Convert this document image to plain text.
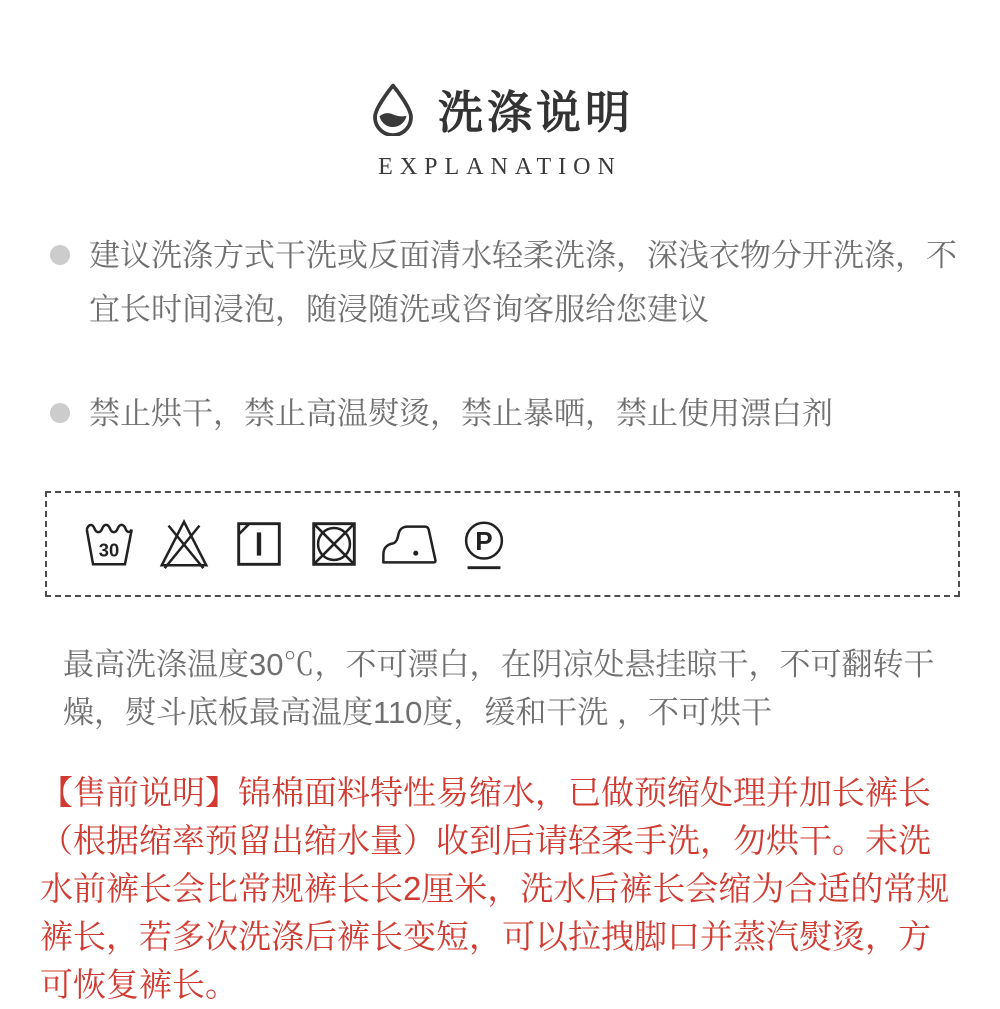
洗涤说明
EXPLANATION
建议洗涤方式干洗或反面清水轻柔洗涤，深浅衣物分开洗涤，不宜长时间浸泡，随浸随洗或咨询客服给您建议
禁止烘干，禁止高温熨烫，禁止暴晒，禁止使用漂白剂
30	P
最高洗涤温度30℃，不可漂白，在阴凉处悬挂晾干，不可翻转干燥，熨斗底板最高温度110度，缓和干洗 ，不可烘干
【售前说明】锦棉面料特性易缩水，已做预缩处理并加长裤长（根据缩率预留出缩水量）收到后请轻柔手洗，勿烘干。未洗水前裤长会比常规裤长长2厘米，洗水后裤长会缩为合适的常规裤长，若多次洗涤后裤长变短，可以拉拽脚口并蒸汽熨烫，方可恢复裤长。
